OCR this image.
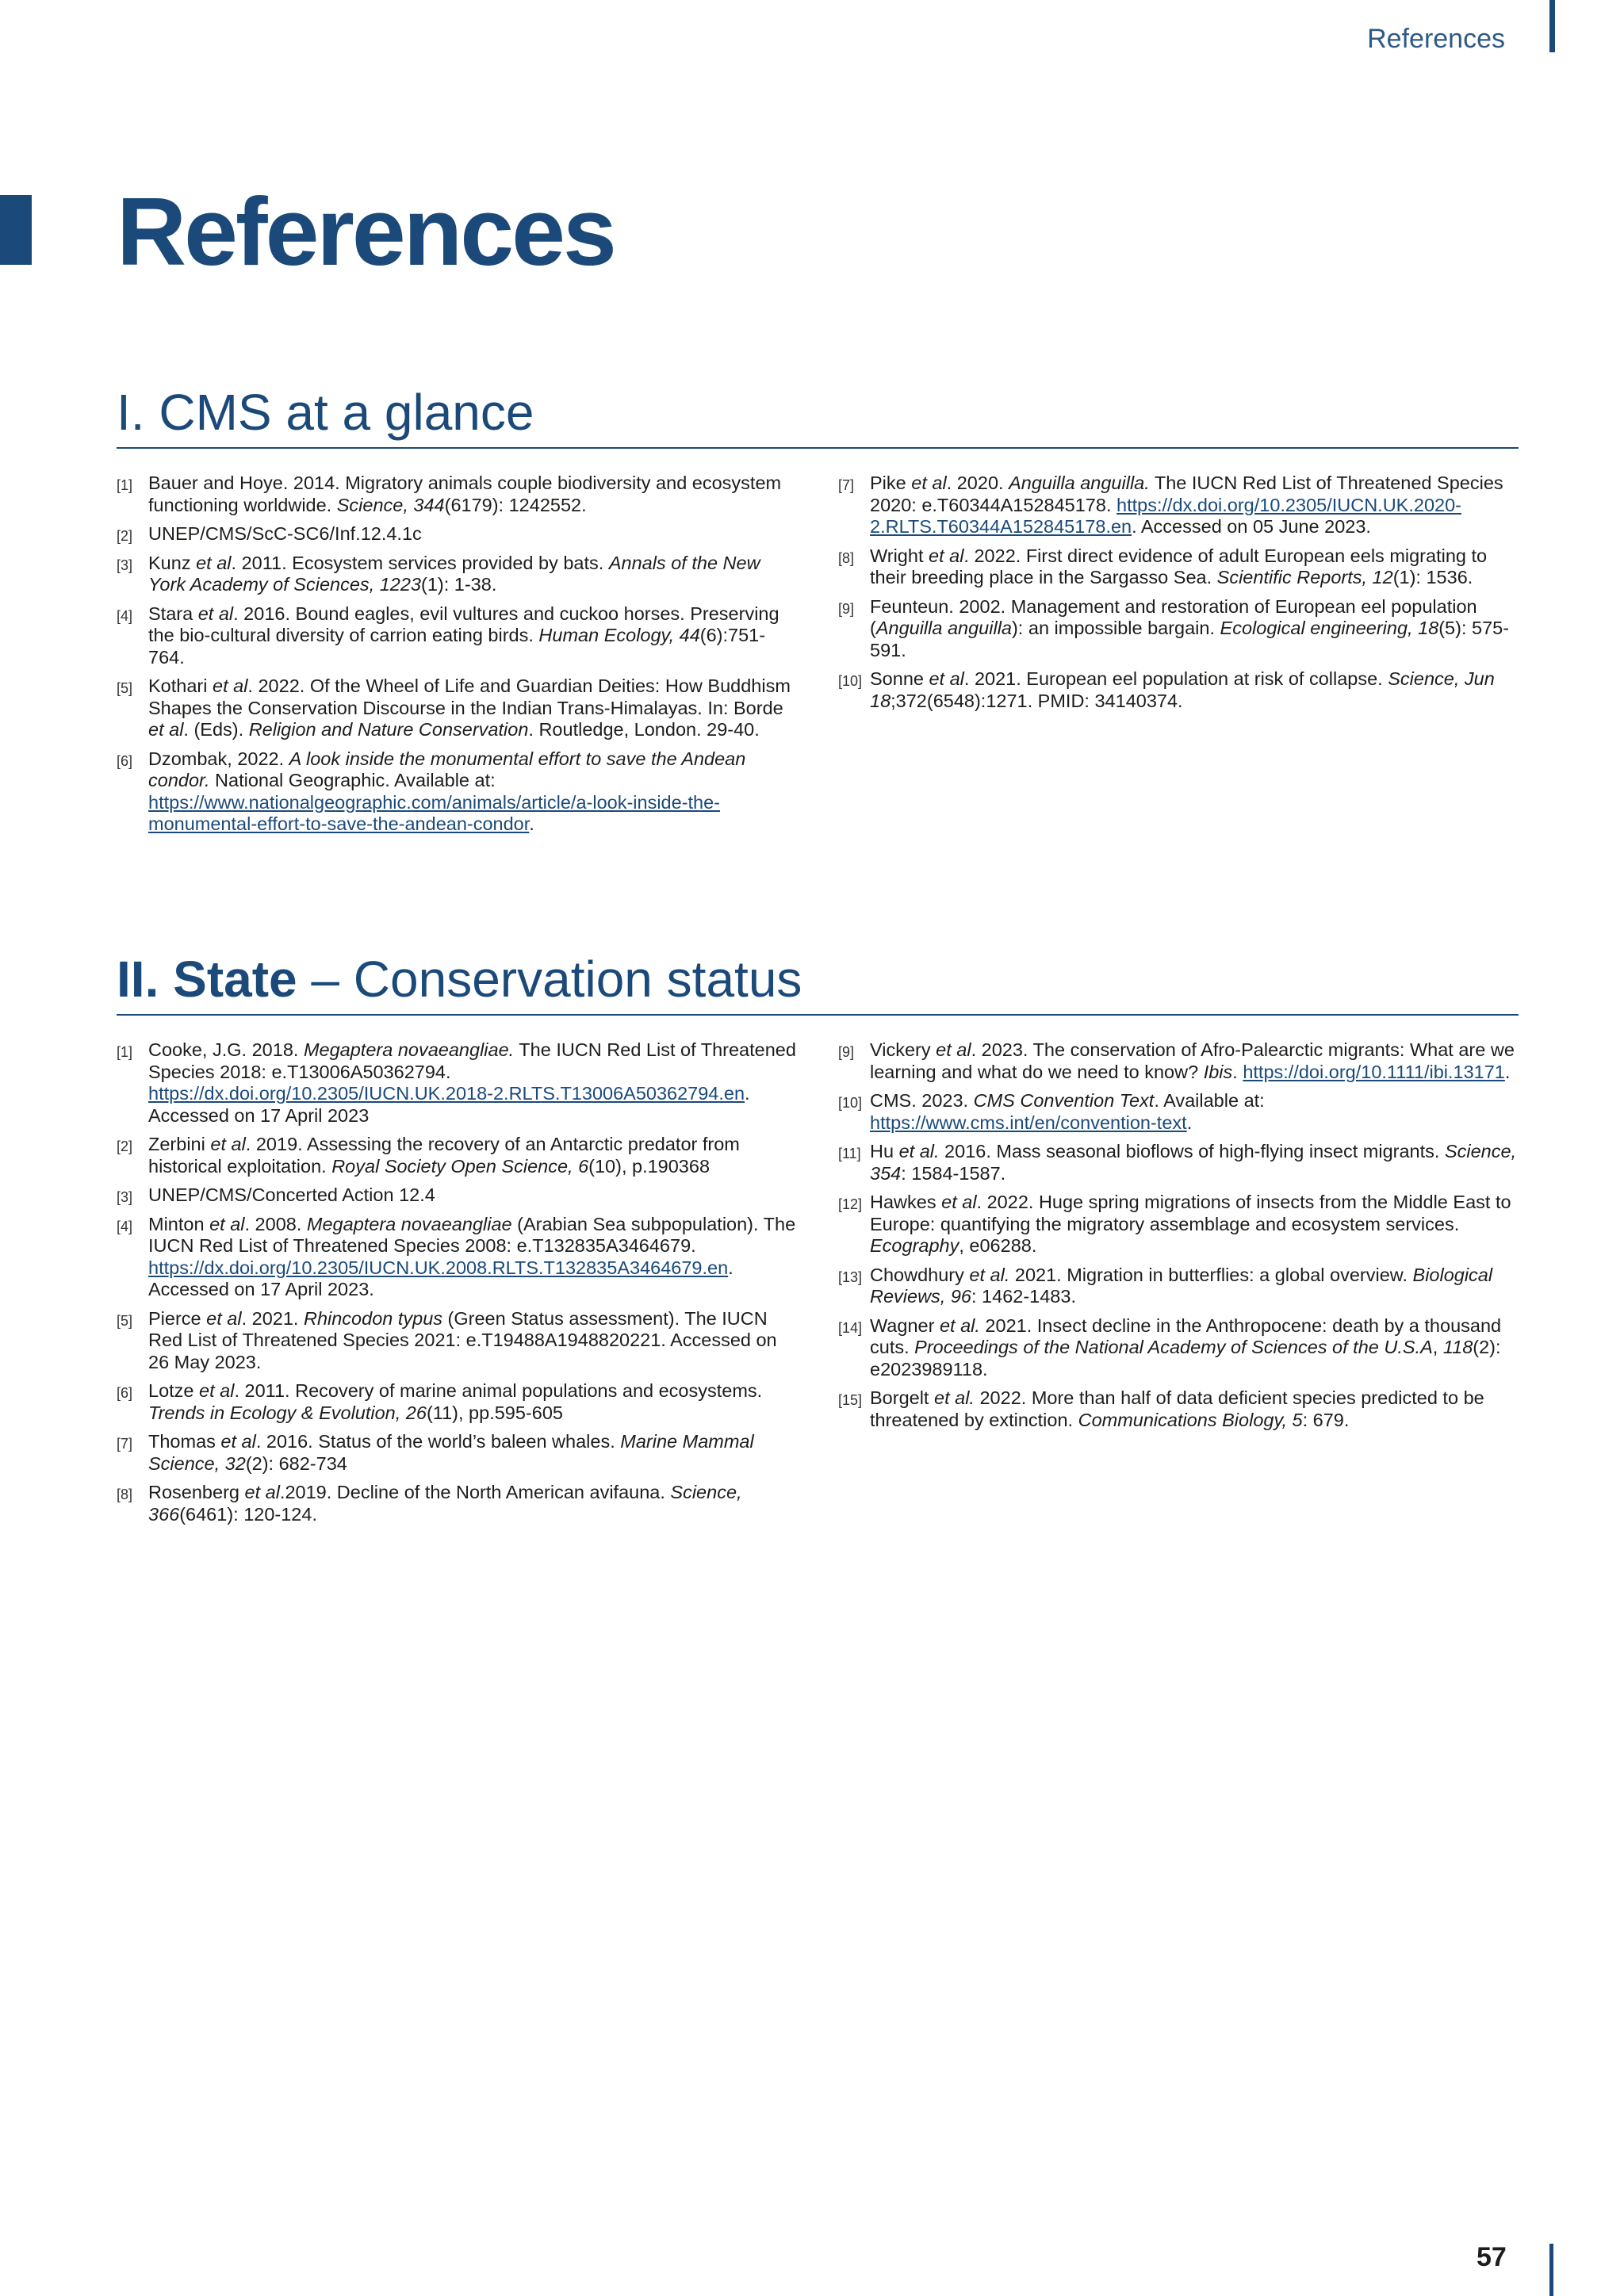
References
References
I. CMS at a glance
[1] Bauer and Hoye. 2014. Migratory animals couple biodiversity and ecosystem functioning worldwide. Science, 344(6179): 1242552.
[2] UNEP/CMS/ScC-SC6/Inf.12.4.1c
[3] Kunz et al. 2011. Ecosystem services provided by bats. Annals of the New York Academy of Sciences, 1223(1): 1-38.
[4] Stara et al. 2016. Bound eagles, evil vultures and cuckoo horses. Preserving the bio-cultural diversity of carrion eating birds. Human Ecology, 44(6):751-764.
[5] Kothari et al. 2022. Of the Wheel of Life and Guardian Deities: How Buddhism Shapes the Conservation Discourse in the Indian Trans-Himalayas. In: Borde et al. (Eds). Religion and Nature Conservation. Routledge, London. 29-40.
[6] Dzombak, 2022. A look inside the monumental effort to save the Andean condor. National Geographic. Available at: https://www.nationalgeographic.com/animals/article/a-look-inside-the-monumental-effort-to-save-the-andean-condor.
[7] Pike et al. 2020. Anguilla anguilla. The IUCN Red List of Threatened Species 2020: e.T60344A152845178. https://dx.doi.org/10.2305/IUCN.UK.2020-2.RLTS.T60344A152845178.en. Accessed on 05 June 2023.
[8] Wright et al. 2022. First direct evidence of adult European eels migrating to their breeding place in the Sargasso Sea. Scientific Reports, 12(1): 1536.
[9] Feunteun. 2002. Management and restoration of European eel population (Anguilla anguilla): an impossible bargain. Ecological engineering, 18(5): 575-591.
[10] Sonne et al. 2021. European eel population at risk of collapse. Science, Jun 18;372(6548):1271. PMID: 34140374.
II. State – Conservation status
[1] Cooke, J.G. 2018. Megaptera novaeangliae. The IUCN Red List of Threatened Species 2018: e.T13006A50362794. https://dx.doi.org/10.2305/IUCN.UK.2018-2.RLTS.T13006A50362794.en. Accessed on 17 April 2023
[2] Zerbini et al. 2019. Assessing the recovery of an Antarctic predator from historical exploitation. Royal Society Open Science, 6(10), p.190368
[3] UNEP/CMS/Concerted Action 12.4
[4] Minton et al. 2008. Megaptera novaeangliae (Arabian Sea subpopulation). The IUCN Red List of Threatened Species 2008: e.T132835A3464679. https://dx.doi.org/10.2305/IUCN.UK.2008.RLTS.T132835A3464679.en. Accessed on 17 April 2023.
[5] Pierce et al. 2021. Rhincodon typus (Green Status assessment). The IUCN Red List of Threatened Species 2021: e.T19488A1948820221. Accessed on 26 May 2023.
[6] Lotze et al. 2011. Recovery of marine animal populations and ecosystems. Trends in Ecology & Evolution, 26(11), pp.595-605
[7] Thomas et al. 2016. Status of the world’s baleen whales. Marine Mammal Science, 32(2): 682-734
[8] Rosenberg et al.2019. Decline of the North American avifauna. Science, 366(6461): 120-124.
[9] Vickery et al. 2023. The conservation of Afro-Palearctic migrants: What are we learning and what do we need to know? Ibis. https://doi.org/10.1111/ibi.13171.
[10] CMS. 2023. CMS Convention Text. Available at: https://www.cms.int/en/convention-text.
[11] Hu et al. 2016. Mass seasonal bioflows of high-flying insect migrants. Science, 354: 1584-1587.
[12] Hawkes et al. 2022. Huge spring migrations of insects from the Middle East to Europe: quantifying the migratory assemblage and ecosystem services. Ecography, e06288.
[13] Chowdhury et al. 2021. Migration in butterflies: a global overview. Biological Reviews, 96: 1462-1483.
[14] Wagner et al. 2021. Insect decline in the Anthropocene: death by a thousand cuts. Proceedings of the National Academy of Sciences of the U.S.A, 118(2): e2023989118.
[15] Borgelt et al. 2022. More than half of data deficient species predicted to be threatened by extinction. Communications Biology, 5: 679.
57
